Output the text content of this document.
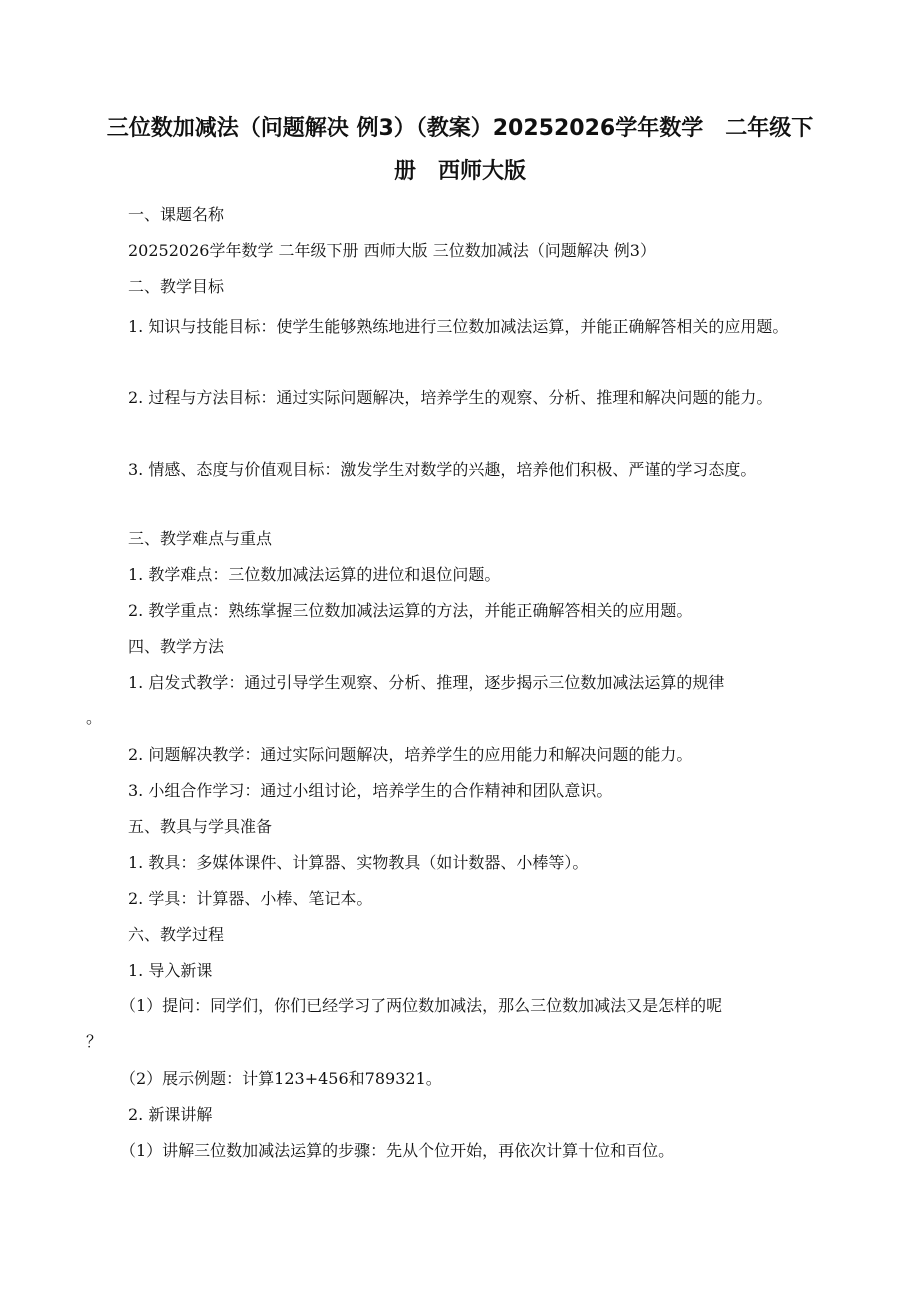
三位数加减法（问题解决 例3）（教案）20252026学年数学　二年级下
册　西师大版
一、课题名称
20252026学年数学 二年级下册 西师大版 三位数加减法（问题解决 例3）
二、教学目标
1. 知识与技能目标：使学生能够熟练地进行三位数加减法运算，并能正确解答相关的应用题。
2. 过程与方法目标：通过实际问题解决，培养学生的观察、分析、推理和解决问题的能力。
3. 情感、态度与价值观目标：激发学生对数学的兴趣，培养他们积极、严谨的学习态度。
三、教学难点与重点
1. 教学难点：三位数加减法运算的进位和退位问题。
2. 教学重点：熟练掌握三位数加减法运算的方法，并能正确解答相关的应用题。
四、教学方法
1. 启发式教学：通过引导学生观察、分析、推理，逐步揭示三位数加减法运算的规律
。
2. 问题解决教学：通过实际问题解决，培养学生的应用能力和解决问题的能力。
3. 小组合作学习：通过小组讨论，培养学生的合作精神和团队意识。
五、教具与学具准备
1. 教具：多媒体课件、计算器、实物教具（如计数器、小棒等）。
2. 学具：计算器、小棒、笔记本。
六、教学过程
1. 导入新课
（1）提问：同学们，你们已经学习了两位数加减法，那么三位数加减法又是怎样的呢
？
（2）展示例题：计算123+456和789321。
2. 新课讲解
（1）讲解三位数加减法运算的步骤：先从个位开始，再依次计算十位和百位。
